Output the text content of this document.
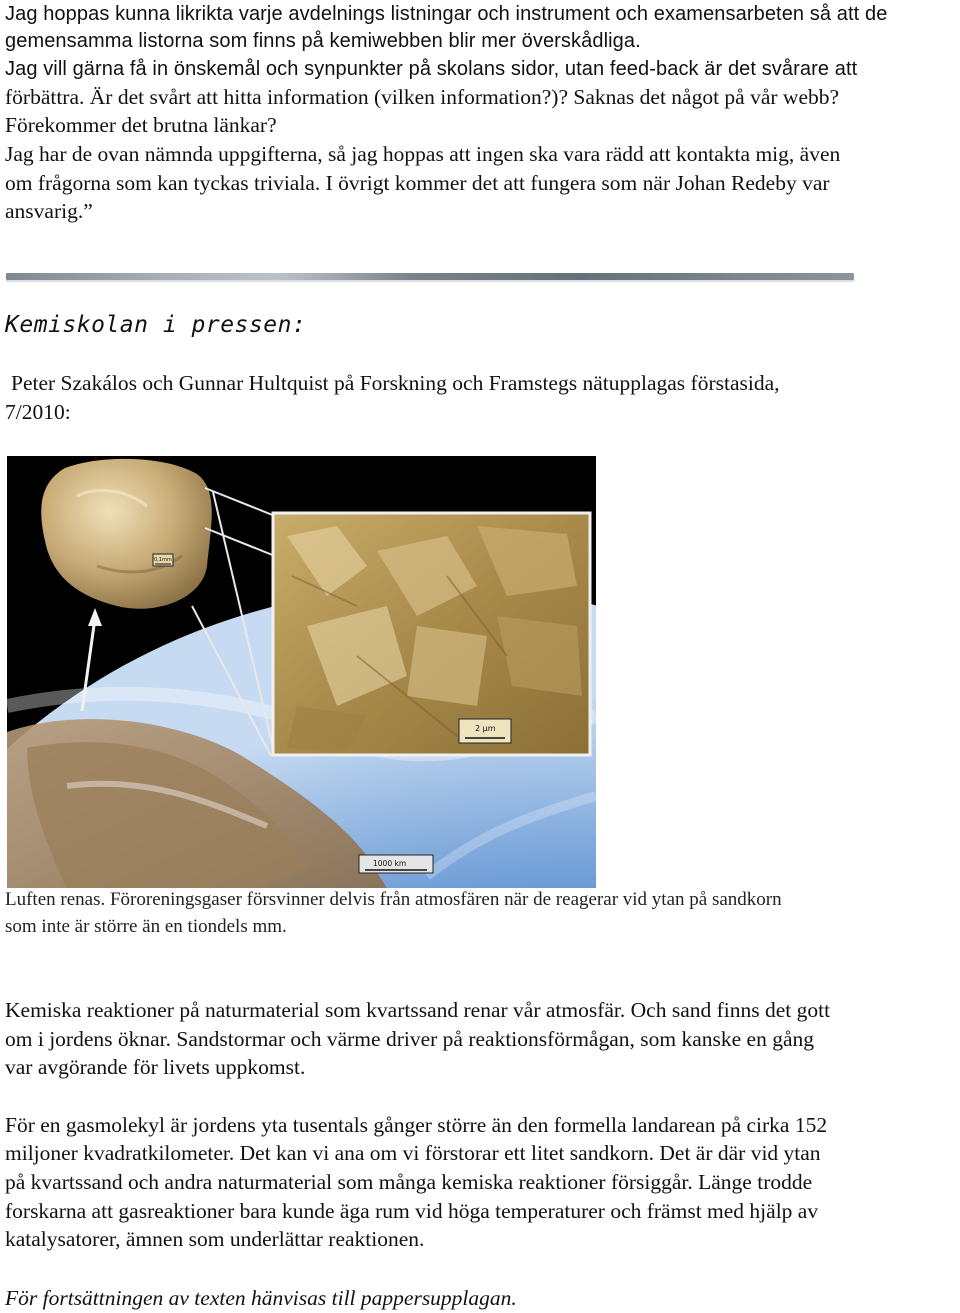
Jag hoppas kunna likrikta varje avdelnings listningar och instrument och examensarbeten så att de
gemensamma listorna som finns på kemiwebben blir mer överskådliga.
Jag vill gärna få in önskemål och synpunkter på skolans sidor, utan feed-back är det svårare att
förbättra. Är det svårt att hitta information (vilken information?)? Saknas det något på vår webb?
Förekommer det brutna länkar?
Jag har de ovan nämnda uppgifterna, så jag hoppas att ingen ska vara rädd att kontakta mig, även
om frågorna som kan tyckas triviala. I övrigt kommer det att fungera som när Johan Redeby var
ansvarig.”
Kemiskolan i pressen:
Peter Szakálos och Gunnar Hultquist på Forskning och Framstegs nätupplagas förstasida,
7/2010:
0,1mm
2 μm
1000 km
Luften renas. Föroreningsgaser försvinner delvis från atmosfären när de reagerar vid ytan på sandkorn
som inte är större än en tiondels mm.
Kemiska reaktioner på naturmaterial som kvartssand renar vår atmosfär. Och sand finns det gott
om i jordens öknar. Sandstormar och värme driver på reaktionsförmågan, som kanske en gång
var avgörande för livets uppkomst.
För en gasmolekyl är jordens yta tusentals gånger större än den formella landarean på cirka 152
miljoner kvadratkilometer. Det kan vi ana om vi förstorar ett litet sandkorn. Det är där vid ytan
på kvartssand och andra naturmaterial som många kemiska reaktioner försiggår. Länge trodde
forskarna att gasreaktioner bara kunde äga rum vid höga temperaturer och främst med hjälp av
katalysatorer, ämnen som underlättar reaktionen.
För fortsättningen av texten hänvisas till pappersupplagan.
